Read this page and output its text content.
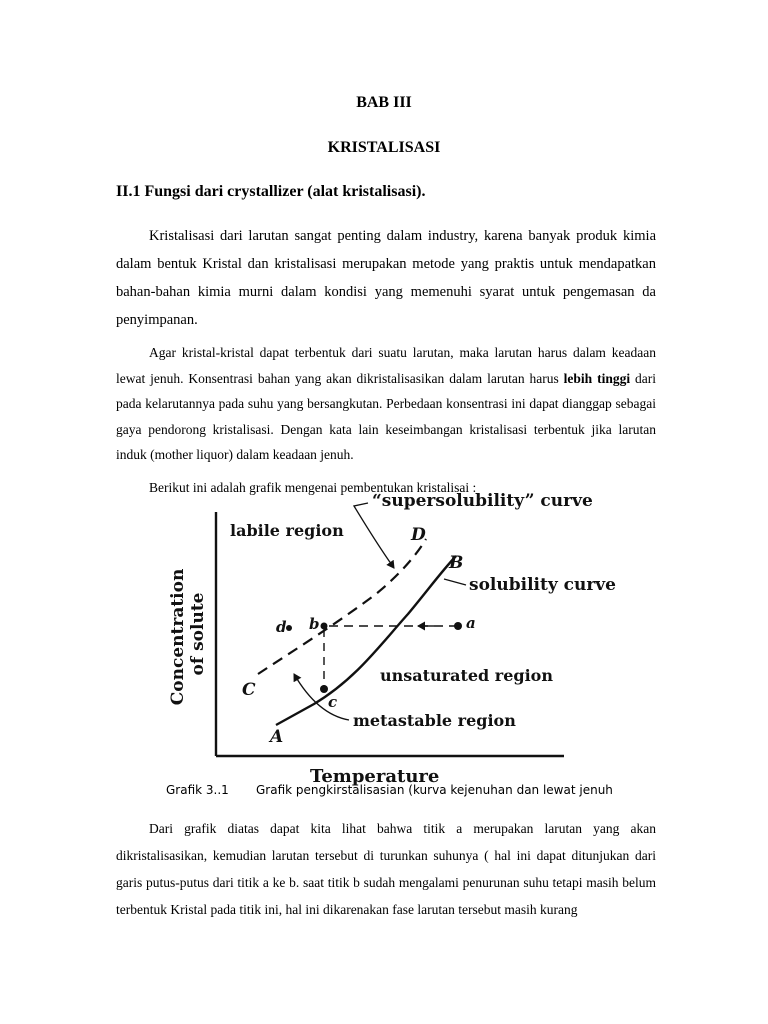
BAB III
KRISTALISASI
II.1 Fungsi dari crystallizer (alat kristalisasi).

Kristalisasi dari larutan sangat penting dalam industry, karena banyak produk kimia dalam bentuk Kristal dan kristalisasi merupakan metode yang praktis untuk mendapatkan bahan-bahan kimia murni dalam kondisi yang memenuhi syarat untuk pengemasan da penyimpanan.

Agar kristal-kristal dapat terbentuk dari suatu larutan, maka larutan harus dalam keadaan lewat jenuh. Konsentrasi bahan yang akan dikristalisasikan dalam larutan harus lebih tinggi dari pada kelarutannya pada suhu yang bersangkutan. Perbedaan konsentrasi ini dapat dianggap sebagai gaya pendorong kristalisasi. Dengan kata lain keseimbangan kristalisasi terbentuk jika larutan induk (mother liquor) dalam keadaan jenuh.

Berikut ini adalah grafik mengenai pembentukan kristalisai :

“supersolubility” curve
labile region	D
B
solubility curve
d b	a
unsaturated region
C
c
metastable region
A
Temperature
Concentration of solute
Grafik 3..1 Grafik pengkirstalisasian (kurva kejenuhan dan lewat jenuh

Dari grafik diatas dapat kita lihat bahwa titik a merupakan larutan yang akan dikristalisasikan, kemudian larutan tersebut di turunkan suhunya ( hal ini dapat ditunjukan dari garis putus-putus dari titik a ke b. saat titik b sudah mengalami penurunan suhu tetapi masih belum terbentuk Kristal pada titik ini, hal ini dikarenakan fase larutan tersebut masih kurang
